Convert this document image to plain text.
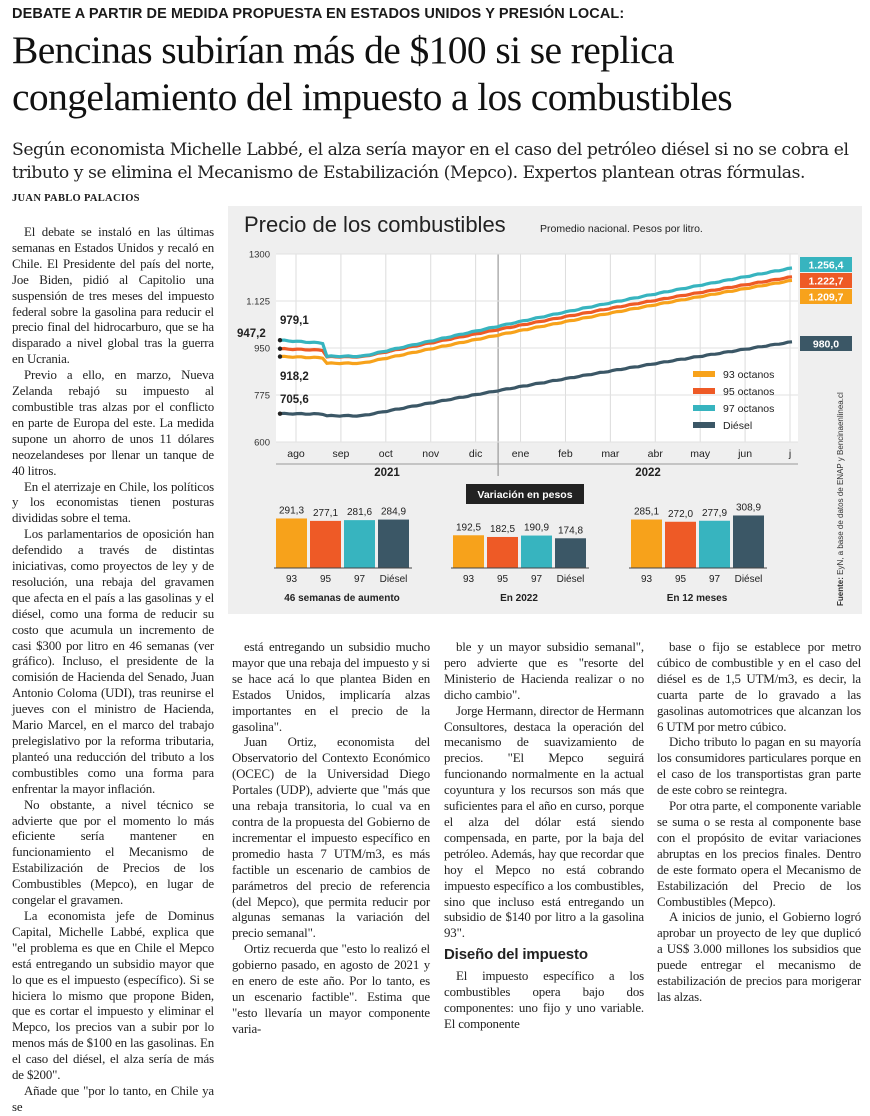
DEBATE A PARTIR DE MEDIDA PROPUESTA EN ESTADOS UNIDOS Y PRESIÓN LOCAL:
Bencinas subirían más de $100 si se replica congelamiento del impuesto a los combustibles

Según economista Michelle Labbé, el alza sería mayor en el caso del petróleo diésel si no se cobra el tributo y se elimina el Mecanismo de Estabilización (Mepco). Expertos plantean otras fórmulas.

JUAN PABLO PALACIOS

El debate se instaló en las últimas semanas en Estados Unidos y recaló en Chile. El Presidente del país del norte, Joe Biden, pidió al Capitolio una suspensión de tres meses del impuesto federal sobre la gasolina para reducir el precio final del hidrocarburo, que se ha disparado a nivel global tras la guerra en Ucrania.

Previo a ello, en marzo, Nueva Zelanda rebajó su impuesto al combustible tras alzas por el conflicto en parte de Europa del este. La medida supone un ahorro de unos 11 dólares neozelandeses por llenar un tanque de 40 litros.

En el aterrizaje en Chile, los políticos y los economistas tienen posturas divididas sobre el tema.

Los parlamentarios de oposición han defendido a través de distintas iniciativas, como proyectos de ley y de resolución, una rebaja del gravamen que afecta en el país a las gasolinas y el diésel, como una forma de reducir su costo que acumula un incremento de casi $300 por litro en 46 semanas (ver gráfico). Incluso, el presidente de la comisión de Hacienda del Senado, Juan Antonio Coloma (UDI), tras reunirse el jueves con el ministro de Hacienda, Mario Marcel, en el marco del trabajo prelegislativo por la reforma tributaria, planteó una reducción del tributo a los combustibles como una forma para enfrentar la mayor inflación.

No obstante, a nivel técnico se advierte que por el momento lo más eficiente sería mantener en funcionamiento el Mecanismo de Estabilización de Precios de los Combustibles (Mepco), en lugar de congelar el gravamen.

La economista jefe de Dominus Capital, Michelle Labbé, explica que "el problema es que en Chile el Mepco está entregando un subsidio mayor que lo que es el impuesto (específico). Si se hiciera lo mismo que propone Biden, que es cortar el impuesto y eliminar el Mepco, los precios van a subir por lo menos más de $100 en las gasolinas. En el caso del diésel, el alza sería de más de $200".

Añade que "por lo tanto, en Chile ya se

está entregando un subsidio mucho mayor que una rebaja del impuesto y si se hace acá lo que plantea Biden en Estados Unidos, implicaría alzas importantes en el precio de la gasolina".

Juan Ortiz, economista del Observatorio del Contexto Económico (OCEC) de la Universidad Diego Portales (UDP), advierte que "más que una rebaja transitoria, lo cual va en contra de la propuesta del Gobierno de incrementar el impuesto específico en promedio hasta 7 UTM/m3, es más factible un escenario de cambios de parámetros del precio de referencia (del Mepco), que permita reducir por algunas semanas la variación del precio semanal".

Ortiz recuerda que "esto lo realizó el gobierno pasado, en agosto de 2021 y en enero de este año. Por lo tanto, es un escenario factible". Estima que "esto llevaría un mayor componente varia-

ble y un mayor subsidio semanal", pero advierte que es "resorte del Ministerio de Hacienda realizar o no dicho cambio".

Jorge Hermann, director de Hermann Consultores, destaca la operación del mecanismo de suavizamiento de precios. "El Mepco seguirá funcionando normalmente en la actual coyuntura y los recursos son más que suficientes para el año en curso, porque el alza del dólar está siendo compensada, en parte, por la baja del petróleo. Además, hay que recordar que hoy el Mepco no está cobrando impuesto específico a los combustibles, sino que incluso está entregando un subsidio de $140 por litro a la gasolina 93".

Diseño del impuesto

El impuesto específico a los combustibles opera bajo dos componentes: uno fijo y uno variable. El componente

base o fijo se establece por metro cúbico de combustible y en el caso del diésel es de 1,5 UTM/m3, es decir, la cuarta parte de lo gravado a las gasolinas automotrices que alcanzan los 6 UTM por metro cúbico.

Dicho tributo lo pagan en su mayoría los consumidores particulares porque en el caso de los transportistas gran parte de este cobro se reintegra.

Por otra parte, el componente variable se suma o se resta al componente base con el propósito de evitar variaciones abruptas en los precios finales. Dentro de este formato opera el Mecanismo de Estabilización del Precio de los Combustibles (Mepco).

A inicios de junio, el Gobierno logró aprobar un proyecto de ley que duplicó a US$ 3.000 millones los subsidios que puede entregar el mecanismo de estabilización de precios para morigerar las alzas.

Precio de los combustibles	Promedio nacional. Pesos por litro.
ago	sep	oct	nov	dic	ene	feb	mar	abr	may	jun	j
2021	2022
600
775
950
1.125
1300
979,1
947,2
918,2
705,6
1.256,4
1.222,7
1.209,7
980,0
93 octanos
95 octanos
97 octanos
Diésel
Variación en pesos
291,3
93
277,1
95
281,6
97
284,9
Diésel
46 semanas de aumento
192,5
93
182,5
95
190,9
97
174,8
Diésel
En 2022
285,1
93
272,0
95
277,9
97
308,9
Diésel
En 12 meses	Fuente: EyN, a base de datos de ENAP y Bencinaenlinea.cl
